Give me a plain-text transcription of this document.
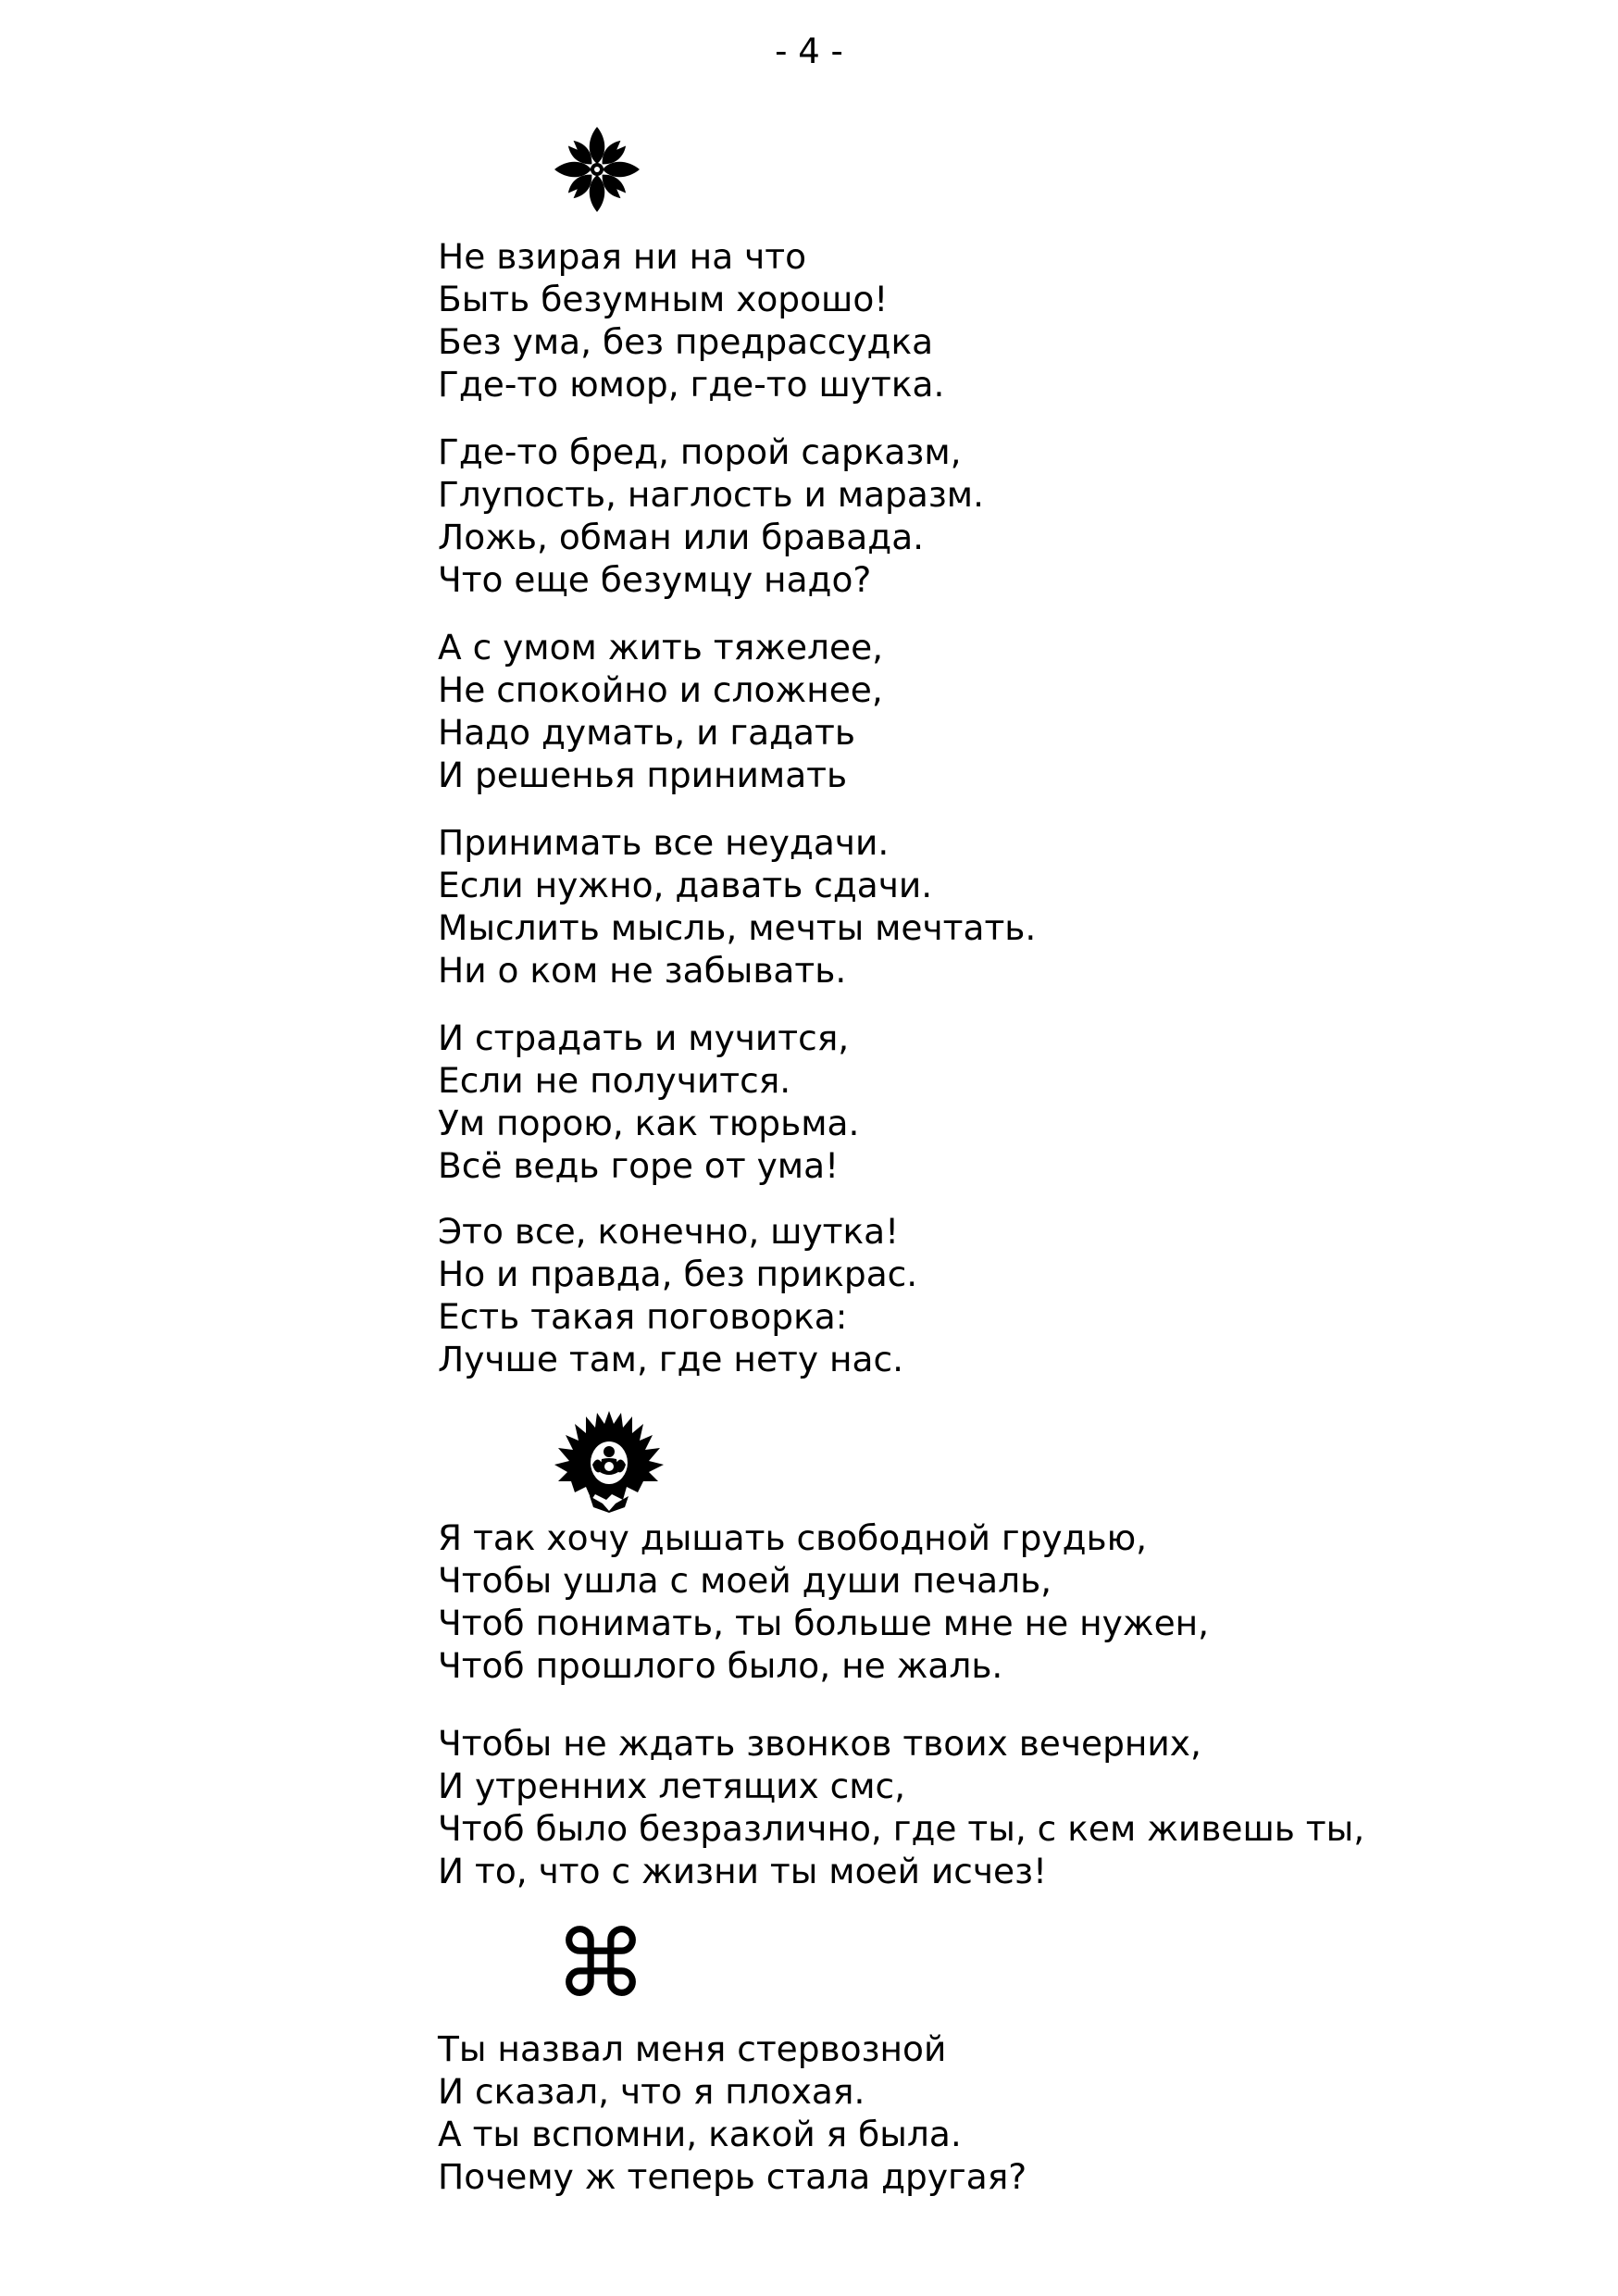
- 4 -
Не взирая ни на что
Быть безумным хорошо!
Без ума, без предрассудка
Где-то юмор, где-то шутка.
Где-то бред, порой сарказм,
Глупость, наглость и маразм.
Ложь, обман или бравада.
Что еще безумцу надо?
А с умом жить тяжелее,
Не спокойно и сложнее,
Надо думать, и гадать
И решенья принимать
Принимать все неудачи.
Если нужно, давать сдачи.
Мыслить мысль, мечты мечтать.
Ни о ком не забывать.
И страдать и мучится,
Если не получится.
Ум порою, как тюрьма.
Всё ведь горе от ума!
Это все, конечно, шутка!
Но и правда, без прикрас.
Есть такая поговорка:
Лучше там, где нету нас.
Я так хочу дышать свободной грудью,
Чтобы ушла с моей души печаль,
Чтоб понимать, ты больше мне не нужен,
Чтоб прошлого было, не жаль.
Чтобы не ждать звонков твоих вечерних,
И утренних летящих смс,
Чтоб было безразлично, где ты, с кем живешь ты,
И то, что с жизни ты моей исчез!
⌘
Ты назвал меня стервозной
И сказал, что я плохая.
А ты вспомни, какой я была.
Почему ж теперь стала другая?
